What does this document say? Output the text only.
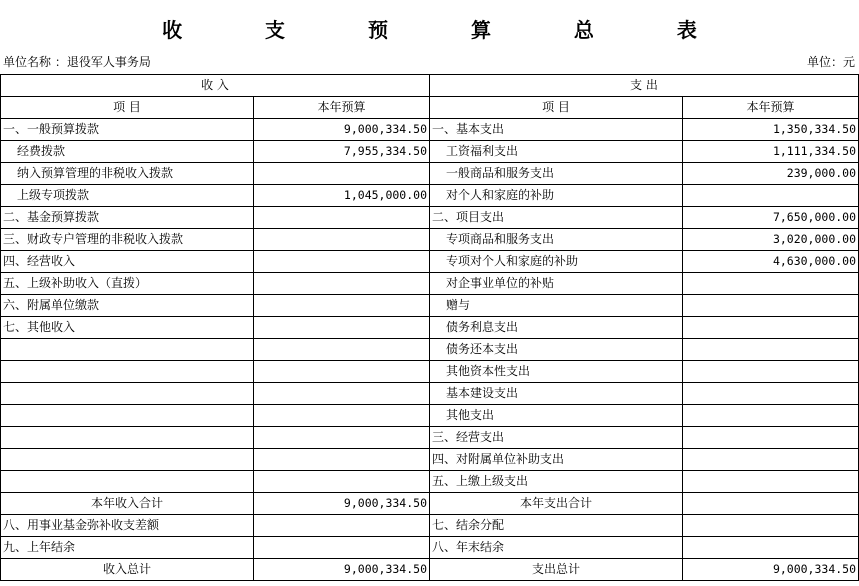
收 支 预 算 总 表
单位名称 ：退役军人事务局	单位：元
收 入		支 出	
项 目	本年预算	项 目	本年预算
一、一般预算拨款	9,000,334.50	一、基本支出	1,350,334.50
经费拨款	7,955,334.50	工资福利支出	1,111,334.50
纳入预算管理的非税收入拨款		一般商品和服务支出	239,000.00
上级专项拨款	1,045,000.00	对个人和家庭的补助	
二、基金预算拨款		二、项目支出	7,650,000.00
三、财政专户管理的非税收入拨款		专项商品和服务支出	3,020,000.00
四、经营收入		专项对个人和家庭的补助	4,630,000.00
五、上级补助收入（直拨）		对企事业单位的补贴	
六、附属单位缴款		赠与	
七、其他收入		债务利息支出	
		债务还本支出	
		其他资本性支出	
		基本建设支出	
		其他支出	
		三、经营支出	
		四、对附属单位补助支出	
		五、上缴上级支出	
本年收入合计	9,000,334.50	本年支出合计	
八、用事业基金弥补收支差额		七、结余分配	
九、上年结余		八、年末结余	
收入总计	9,000,334.50	支出总计	9,000,334.50
